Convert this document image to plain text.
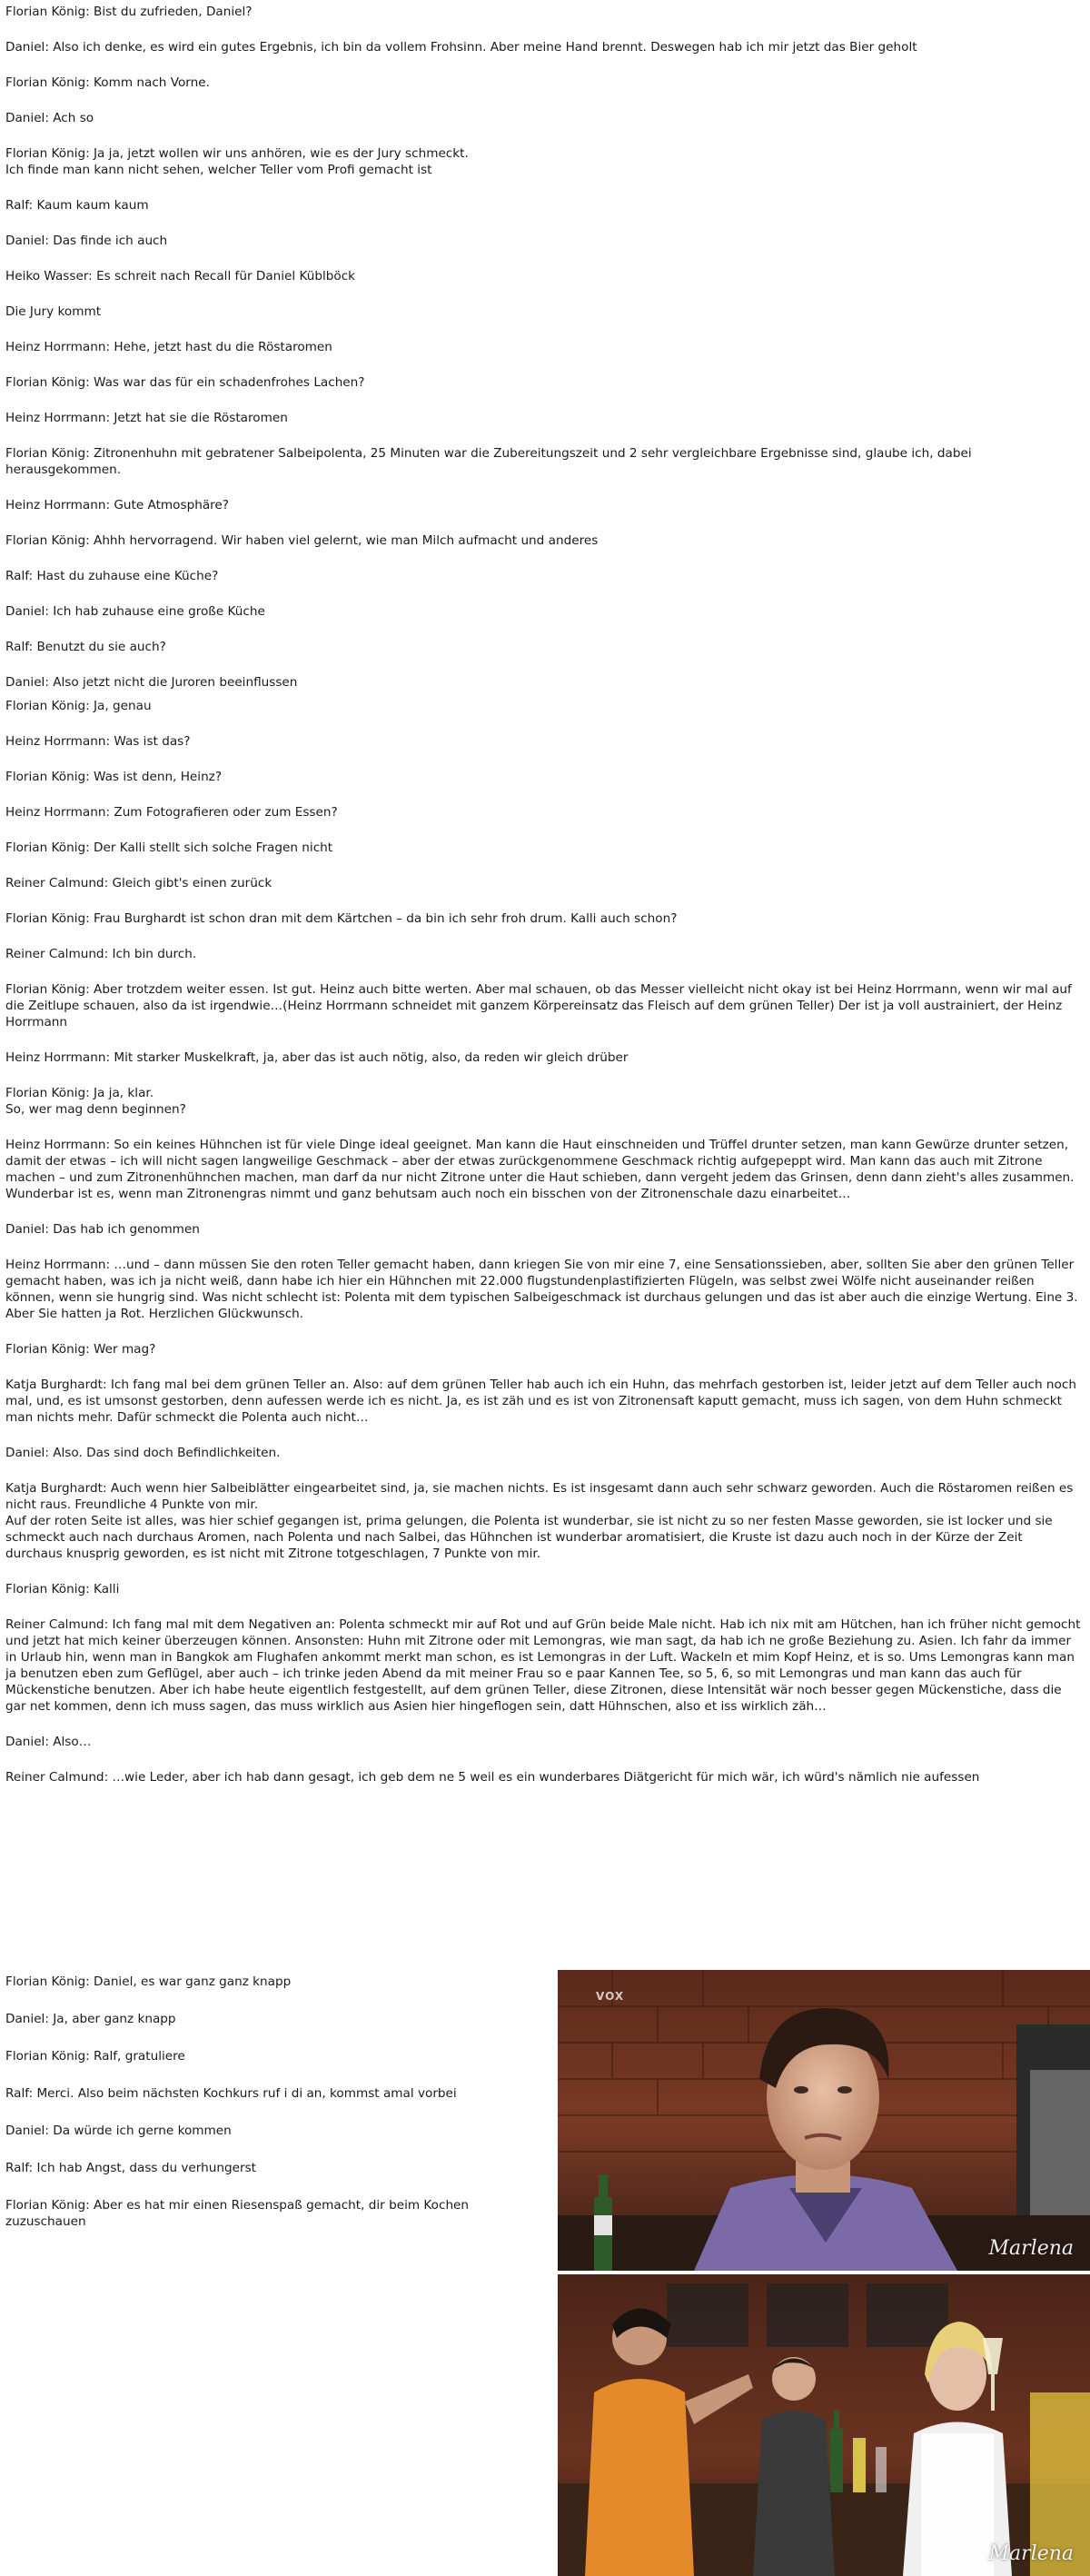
Florian König: Bist du zufrieden, Daniel?

Daniel: Also ich denke, es wird ein gutes Ergebnis, ich bin da vollem Frohsinn. Aber meine Hand brennt. Deswegen hab ich mir jetzt das Bier geholt

Florian König: Komm nach Vorne.

Daniel: Ach so

Florian König: Ja ja, jetzt wollen wir uns anhören, wie es der Jury schmeckt.
Ich finde man kann nicht sehen, welcher Teller vom Profi gemacht ist

Ralf: Kaum kaum kaum

Daniel: Das finde ich auch

Heiko Wasser: Es schreit nach Recall für Daniel Küblböck

Die Jury kommt

Heinz Horrmann: Hehe, jetzt hast du die Röstaromen

Florian König: Was war das für ein schadenfrohes Lachen?

Heinz Horrmann: Jetzt hat sie die Röstaromen

Florian König: Zitronenhuhn mit gebratener Salbeipolenta, 25 Minuten war die Zubereitungszeit und 2 sehr vergleichbare Ergebnisse sind, glaube ich, dabei herausgekommen.

Heinz Horrmann: Gute Atmosphäre?

Florian König: Ahhh hervorragend. Wir haben viel gelernt, wie man Milch aufmacht und anderes

Ralf: Hast du zuhause eine Küche?

Daniel: Ich hab zuhause eine große Küche

Ralf: Benutzt du sie auch?

Daniel: Also jetzt nicht die Juroren beeinflussen

Florian König: Ja, genau

Heinz Horrmann: Was ist das?

Florian König: Was ist denn, Heinz?

Heinz Horrmann: Zum Fotografieren oder zum Essen?

Florian König: Der Kalli stellt sich solche Fragen nicht

Reiner Calmund: Gleich gibt's einen zurück

Florian König: Frau Burghardt ist schon dran mit dem Kärtchen – da bin ich sehr froh drum. Kalli auch schon?

Reiner Calmund: Ich bin durch.

Florian König: Aber trotzdem weiter essen. Ist gut. Heinz auch bitte werten. Aber mal schauen, ob das Messer vielleicht nicht okay ist bei Heinz Horrmann, wenn wir mal auf die Zeitlupe schauen, also da ist irgendwie…(Heinz Horrmann schneidet mit ganzem Körpereinsatz das Fleisch auf dem grünen Teller) Der ist ja voll austrainiert, der Heinz Horrmann

Heinz Horrmann: Mit starker Muskelkraft, ja, aber das ist auch nötig, also, da reden wir gleich drüber

Florian König: Ja ja, klar.
So, wer mag denn beginnen?

Heinz Horrmann: So ein keines Hühnchen ist für viele Dinge ideal geeignet. Man kann die Haut einschneiden und Trüffel drunter setzen, man kann Gewürze drunter setzen, damit der etwas – ich will nicht sagen langweilige Geschmack – aber der etwas zurückgenommene Geschmack richtig aufgepeppt wird. Man kann das auch mit Zitrone machen – und zum Zitronenhühnchen machen, man darf da nur nicht Zitrone unter die Haut schieben, dann vergeht jedem das Grinsen, denn dann zieht's alles zusammen. Wunderbar ist es, wenn man Zitronengras nimmt und ganz behutsam auch noch ein bisschen von der Zitronenschale dazu einarbeitet…

Daniel: Das hab ich genommen

Heinz Horrmann: …und – dann müssen Sie den roten Teller gemacht haben, dann kriegen Sie von mir eine 7, eine Sensationssieben, aber, sollten Sie aber den grünen Teller gemacht haben, was ich ja nicht weiß, dann habe ich hier ein Hühnchen mit 22.000 flugstundenplastifizierten Flügeln, was selbst zwei Wölfe nicht auseinander reißen können, wenn sie hungrig sind. Was nicht schlecht ist: Polenta mit dem typischen Salbeigeschmack ist durchaus gelungen und das ist aber auch die einzige Wertung. Eine 3. Aber Sie hatten ja Rot. Herzlichen Glückwunsch.

Florian König: Wer mag?

Katja Burghardt: Ich fang mal bei dem grünen Teller an. Also: auf dem grünen Teller hab auch ich ein Huhn, das mehrfach gestorben ist, leider jetzt auf dem Teller auch noch mal, und, es ist umsonst gestorben, denn aufessen werde ich es nicht. Ja, es ist zäh und es ist von Zitronensaft kaputt gemacht, muss ich sagen, von dem Huhn schmeckt man nichts mehr. Dafür schmeckt die Polenta auch nicht…

Daniel: Also. Das sind doch Befindlichkeiten.

Katja Burghardt: Auch wenn hier Salbeiblätter eingearbeitet sind, ja, sie machen nichts. Es ist insgesamt dann auch sehr schwarz geworden. Auch die Röstaromen reißen es nicht raus. Freundliche 4 Punkte von mir.
Auf der roten Seite ist alles, was hier schief gegangen ist, prima gelungen, die Polenta ist wunderbar, sie ist nicht zu so ner festen Masse geworden, sie ist locker und sie schmeckt auch nach durchaus Aromen, nach Polenta und nach Salbei, das Hühnchen ist wunderbar aromatisiert, die Kruste ist dazu auch noch in der Kürze der Zeit durchaus knusprig geworden, es ist nicht mit Zitrone totgeschlagen, 7 Punkte von mir.

Florian König: Kalli

Reiner Calmund: Ich fang mal mit dem Negativen an: Polenta schmeckt mir auf Rot und auf Grün beide Male nicht. Hab ich nix mit am Hütchen, han ich früher nicht gemocht und jetzt hat mich keiner überzeugen können. Ansonsten: Huhn mit Zitrone oder mit Lemongras, wie man sagt, da hab ich ne große Beziehung zu. Asien. Ich fahr da immer in Urlaub hin, wenn man in Bangkok am Flughafen ankommt merkt man schon, es ist Lemongras in der Luft. Wackeln et mim Kopf Heinz, et is so. Ums Lemongras kann man ja benutzen eben zum Geflügel, aber auch – ich trinke jeden Abend da mit meiner Frau so e paar Kannen Tee, so 5, 6, so mit Lemongras und man kann das auch für Mückenstiche benutzen. Aber ich habe heute eigentlich festgestellt, auf dem grünen Teller, diese Zitronen, diese Intensität wär noch besser gegen Mückenstiche, dass die gar net kommen, denn ich muss sagen, das muss wirklich aus Asien hier hingeflogen sein, datt Hühnschen, also et iss wirklich zäh…

Daniel: Also…

Reiner Calmund: …wie Leder, aber ich hab dann gesagt, ich geb dem ne 5 weil es ein wunderbares Diätgericht für mich wär, ich würd's nämlich nie aufessen

Florian König: Daniel, es war ganz ganz knapp

Daniel: Ja, aber ganz knapp

Florian König: Ralf, gratuliere

Ralf: Merci. Also beim nächsten Kochkurs ruf i di an, kommst amal vorbei

Daniel: Da würde ich gerne kommen

Ralf: Ich hab Angst, dass du verhungerst

Florian König: Aber es hat mir einen Riesenspaß gemacht, dir beim Kochen zuzuschauen

VOX
Marlena
Marlena
